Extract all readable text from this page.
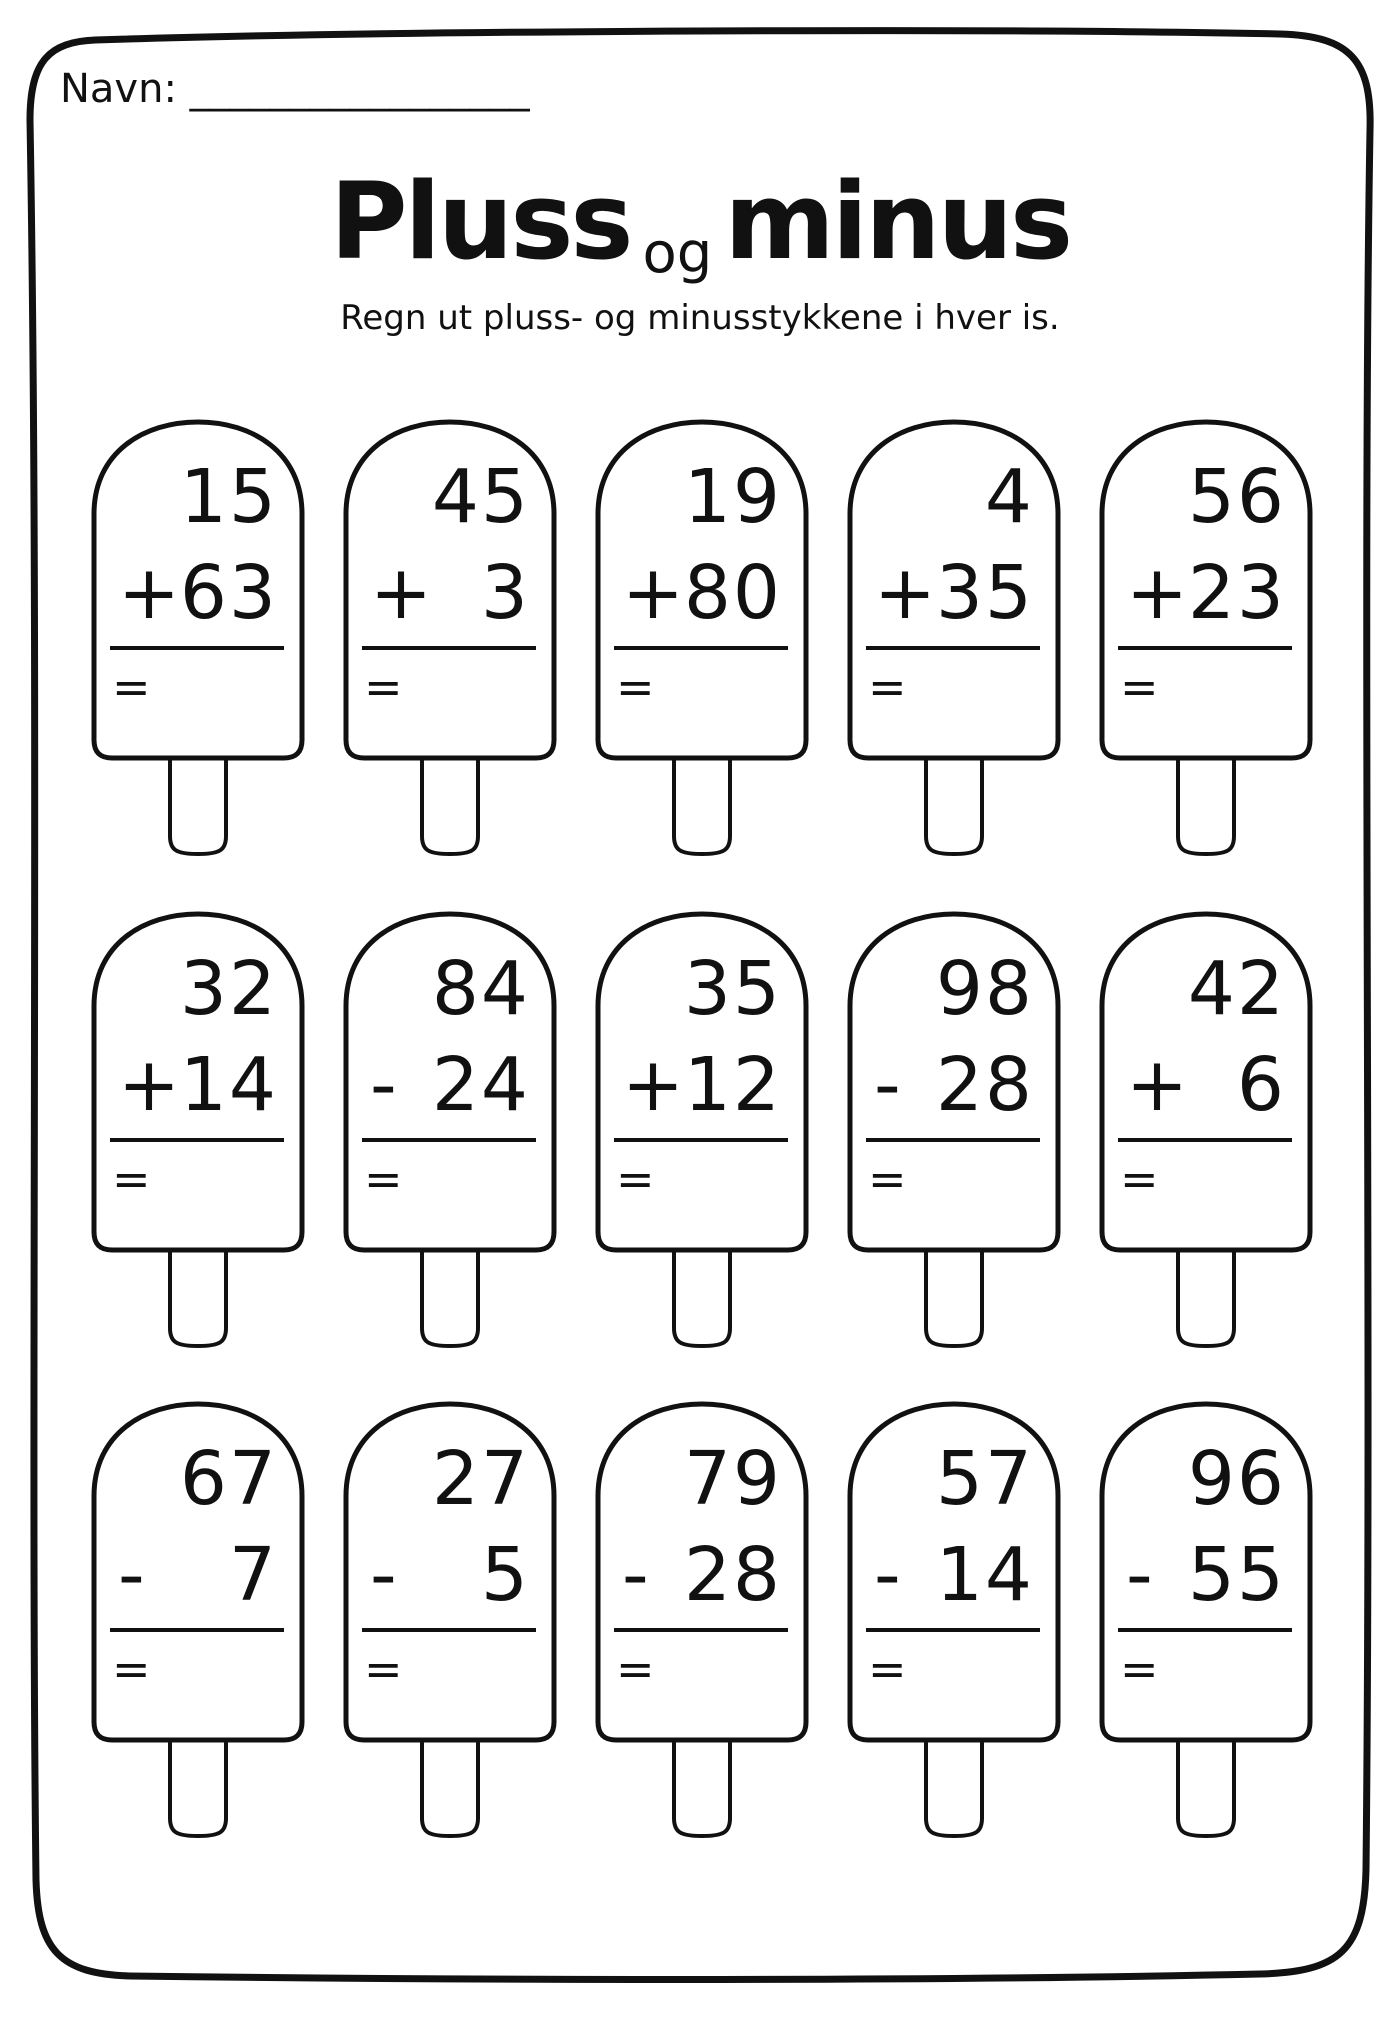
Navn: _________________
Pluss og minus
Regn ut pluss- og minusstykkene i hver is.
15
+ 63
=
45
+ 3
=
19
+ 80
=
4
+ 35
=
56
+ 23
=
32
+ 14
=
84
- 24
=
35
+ 12
=
98
- 28
=
42
+ 6
=
67
- 7
=
27
- 5
=
79
- 28
=
57
- 14
=
96
- 55
=
